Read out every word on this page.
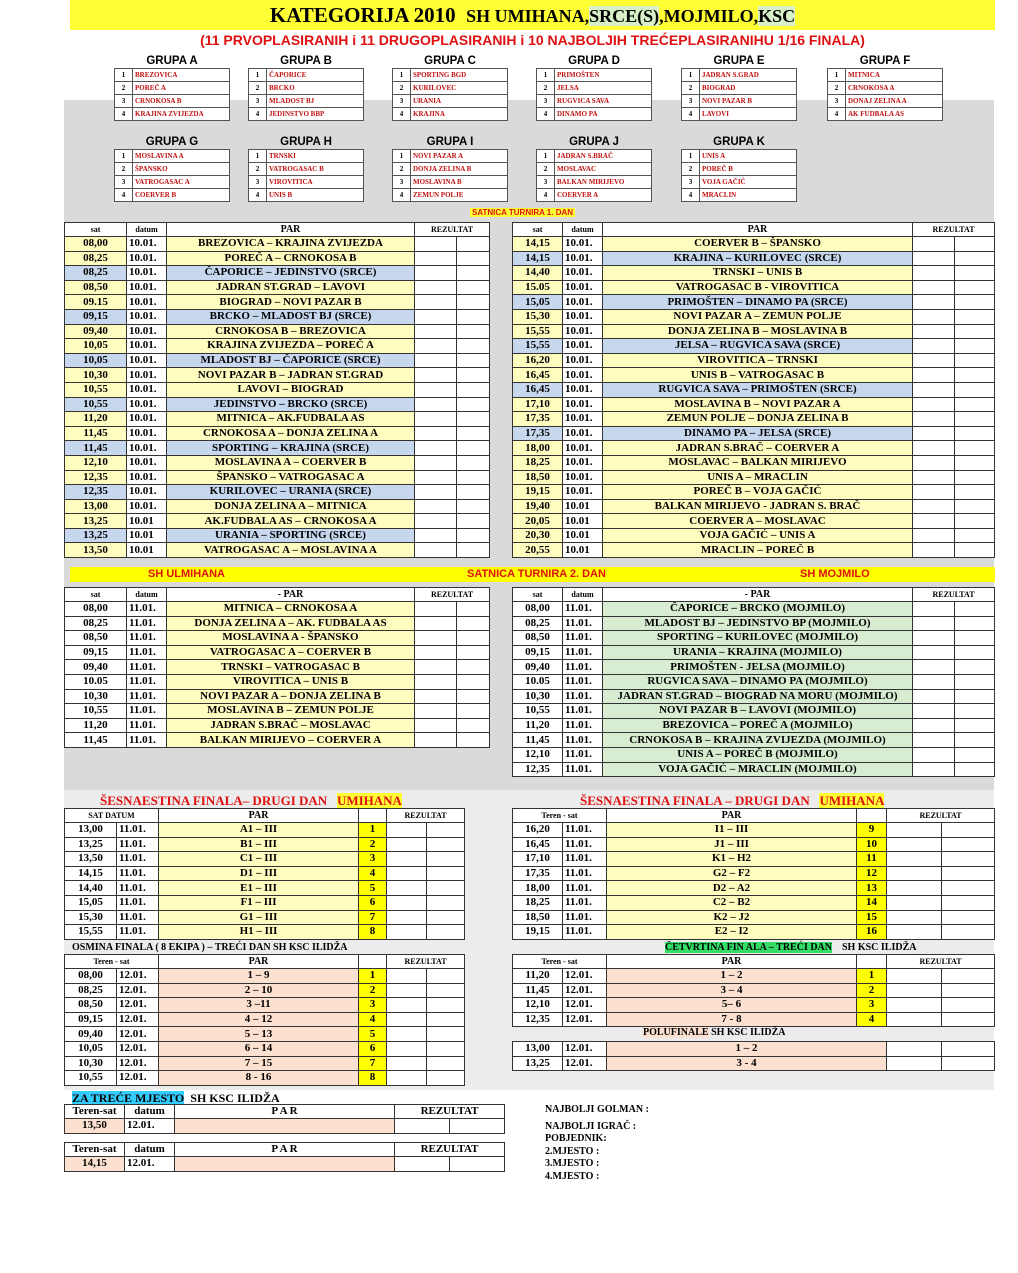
KATEGORIJA 2010 SH UMIHANA,SRCE(S),MOJMILO,KSC
(11 PRVOPLASIRANIH i 11 DRUGOPLASIRANIH i 10 NAJBOLJIH TREĆEPLASIRANIHU 1/16 FINALA)
GRUPA A
1	BREZOVICA
2	POREČ A
3	CRNOKOSA B
4	KRAJINA ZVIJEZDA
GRUPA B
1	ČAPORICE
2	BRCKO
3	MLADOST BJ
4	JEDINSTVO BBP
GRUPA C
1	SPORTING BGD
2	KURILOVEC
3	URANIA
4	KRAJINA
GRUPA D
1	PRIMOŠTEN
2	JELSA
3	RUGVICA SAVA
4	DINAMO PA
GRUPA E
1	JADRAN S.GRAD
2	BIOGRAD
3	NOVI PAZAR B
4	LAVOVI
GRUPA F
1	MITNICA
2	CRNOKOSA A
3	DONAJ ZELINA A
4	AK FUDBALA AS
GRUPA G
1	MOSLAVINA A
2	ŠPANSKO
3	VATROGASAC A
4	COERVER B
GRUPA H
1	TRNSKI
2	VATROGASAC B
3	VIROVITICA
4	UNIS B
GRUPA I
1	NOVI PAZAR A
2	DONJA ZELINA B
3	MOSLAVINA B
4	ZEMUN POLJE
GRUPA J
1	JADRAN S.BRAČ
2	MOSLAVAC
3	BALKAN MIRIJEVO
4	COERVER A
GRUPA K
1	UNIS A
2	POREČ B
3	VOJA GAČIĆ
4	MRACLIN
SATNICA TURNIRA 1. DAN
sat	datum	PAR	REZULTAT	
08,00	10.01.	BREZOVICA – KRAJINA ZVIJEZDA		
08,25	10.01.	POREČ A – CRNOKOSA B		
08,25	10.01.	ČAPORICE – JEDINSTVO (SRCE)		
08,50	10.01.	JADRAN ST.GRAD – LAVOVI		
09.15	10.01.	BIOGRAD – NOVI PAZAR B		
09,15	10.01.	BRCKO – MLADOST BJ (SRCE)		
09,40	10.01.	CRNOKOSA B – BREZOVICA		
10,05	10.01.	KRAJINA ZVIJEZDA – POREČ A		
10,05	10.01.	MLADOST BJ – ČAPORICE (SRCE)		
10,30	10.01.	NOVI PAZAR B – JADRAN ST.GRAD		
10,55	10.01.	LAVOVI – BIOGRAD		
10,55	10.01.	JEDINSTVO – BRCKO (SRCE)		
11,20	10.01.	MITNICA – AK.FUDBALA AS		
11,45	10.01.	CRNOKOSA A – DONJA ZELINA A		
11,45	10.01.	SPORTING – KRAJINA (SRCE)		
12,10	10.01.	MOSLAVINA A – COERVER B		
12,35	10.01.	ŠPANSKO – VATROGASAC A		
12,35	10.01.	KURILOVEC – URANIA (SRCE)		
13,00	10.01.	DONJA ZELINA A – MITNICA		
13,25	10.01	AK.FUDBALA AS – CRNOKOSA A		
13,25	10.01	URANIA – SPORTING (SRCE)		
13,50	10.01	VATROGASAC A – MOSLAVINA A		
sat	datum	PAR	REZULTAT	
14,15	10.01.	COERVER B – ŠPANSKO		
14,15	10.01.	KRAJINA – KURILOVEC (SRCE)		
14,40	10.01.	TRNSKI – UNIS B		
15.05	10.01.	VATROGASAC B - VIROVITICA		
15,05	10.01.	PRIMOŠTEN – DINAMO PA (SRCE)		
15,30	10.01.	NOVI PAZAR A – ZEMUN POLJE		
15,55	10.01.	DONJA ZELINA B – MOSLAVINA B		
15,55	10.01.	JELSA – RUGVICA SAVA (SRCE)		
16,20	10.01.	VIROVITICA – TRNSKI		
16,45	10.01.	UNIS B – VATROGASAC B		
16,45	10.01.	RUGVICA SAVA – PRIMOŠTEN (SRCE)		
17,10	10.01.	MOSLAVINA B – NOVI PAZAR A		
17,35	10.01.	ZEMUN POLJE – DONJA ZELINA B		
17,35	10.01.	DINAMO PA – JELSA (SRCE)		
18,00	10.01.	JADRAN S.BRAČ – COERVER A		
18,25	10.01.	MOSLAVAC – BALKAN MIRIJEVO		
18,50	10.01.	UNIS A – MRACLIN		
19,15	10.01.	POREČ B – VOJA GAČIĆ		
19,40	10.01	BALKAN MIRIJEVO - JADRAN S. BRAČ		
20,05	10.01	COERVER A – MOSLAVAC		
20,30	10.01	VOJA GAČIĆ – UNIS A		
20,55	10.01	MRACLIN – POREČ B		
SH ULMIHANA	SATNICA TURNIRA 2. DAN	SH MOJMILO
sat	datum	- PAR	REZULTAT	
08,00	11.01.	MITNICA – CRNOKOSA A		
08,25	11.01.	DONJA ZELINA A – AK. FUDBALA AS		
08,50	11.01.	MOSLAVINA A - ŠPANSKO		
09,15	11.01.	VATROGASAC A – COERVER B		
09,40	11.01.	TRNSKI – VATROGASAC B		
10.05	11.01.	VIROVITICA – UNIS B		
10,30	11.01.	NOVI PAZAR A – DONJA ZELINA B		
10,55	11.01.	MOSLAVINA B – ZEMUN POLJE		
11,20	11.01.	JADRAN S.BRAČ – MOSLAVAC		
11,45	11.01.	BALKAN MIRIJEVO – COERVER A		
sat	datum	- PAR	REZULTAT	
08,00	11.01.	ČAPORICE – BRCKO (MOJMILO)		
08,25	11.01.	MLADOST BJ – JEDINSTVO BP (MOJMILO)		
08,50	11.01.	SPORTING – KURILOVEC (MOJMILO)		
09,15	11.01.	URANIA – KRAJINA (MOJMILO)		
09,40	11.01.	PRIMOŠTEN - JELSA (MOJMILO)		
10.05	11.01.	RUGVICA SAVA – DINAMO PA (MOJMILO)		
10,30	11.01.	JADRAN ST.GRAD – BIOGRAD NA MORU (MOJMILO)		
10,55	11.01.	NOVI PAZAR B – LAVOVI (MOJMILO)		
11,20	11.01.	BREZOVICA – POREČ A (MOJMILO)		
11,45	11.01.	CRNOKOSA B – KRAJINA ZVIJEZDA (MOJMILO)		
12,10	11.01.	UNIS A – POREČ B (MOJMILO)		
12,35	11.01.	VOJA GAČIĆ – MRACLIN (MOJMILO)		
ŠESNAESTINA FINALA– DRUGI DAN UMIHANA	ŠESNAESTINA FINALA – DRUGI DAN UMIHANA
SAT DATUM		PAR		REZULTAT	
13,00	11.01.	A1 – III	1		
13,25	11.01.	B1 – III	2		
13,50	11.01.	C1 – III	3		
14,15	11.01.	D1 – III	4		
14,40	11.01.	E1 – III	5		
15,05	11.01.	F1 – III	6		
15,30	11.01.	G1 – III	7		
15,55	11.01.	H1 – III	8		
Teren - sat		PAR		REZULTAT	
16,20	11.01.	I1 – III	9		
16,45	11.01.	J1 – III	10		
17,10	11.01.	K1 – H2	11		
17,35	11.01.	G2 – F2	12		
18,00	11.01.	D2 – A2	13		
18,25	11.01.	C2 – B2	14		
18,50	11.01.	K2 – J2	15		
19,15	11.01.	E2 – I2	16		
OSMINA FINALA ( 8 EKIPA ) – TREĆI DAN SH KSC ILIDŽA	ČETVRTINA FIN ALA – TREĆI DAN SH KSC ILIDŽA
Teren - sat		PAR		REZULTAT	
08,00	12.01.	1 – 9	1		
08,25	12.01.	2 – 10	2		
08,50	12.01.	3 –11	3		
09,15	12.01.	4 – 12	4		
09,40	12.01.	5 – 13	5		
10,05	12.01.	6 – 14	6		
10,30	12.01.	7 – 15	7		
10,55	12.01.	8 - 16	8		
Teren - sat		PAR		REZULTAT	
11,20	12.01.	1 – 2	1		
11,45	12.01.	3 – 4	2		
12,10	12.01.	5– 6	3		
12,35	12.01.	7 - 8	4		
POLUFINALE SH KSC ILIDŽA
13,00	12.01.	1 – 2		
13,25	12.01.	3 - 4		
ZA TREĆE MJESTO SH KSC ILIDŽA
Teren-sat	datum	P A R	REZULTAT	
13,50	12.01.			
Teren-sat	datum	P A R	REZULTAT	
14,15	12.01.			
NAJBOLJI GOLMAN :
NAJBOLJI IGRAČ :
POBJEDNIK:
2.MJESTO :
3.MJESTO :
4.MJESTO :
